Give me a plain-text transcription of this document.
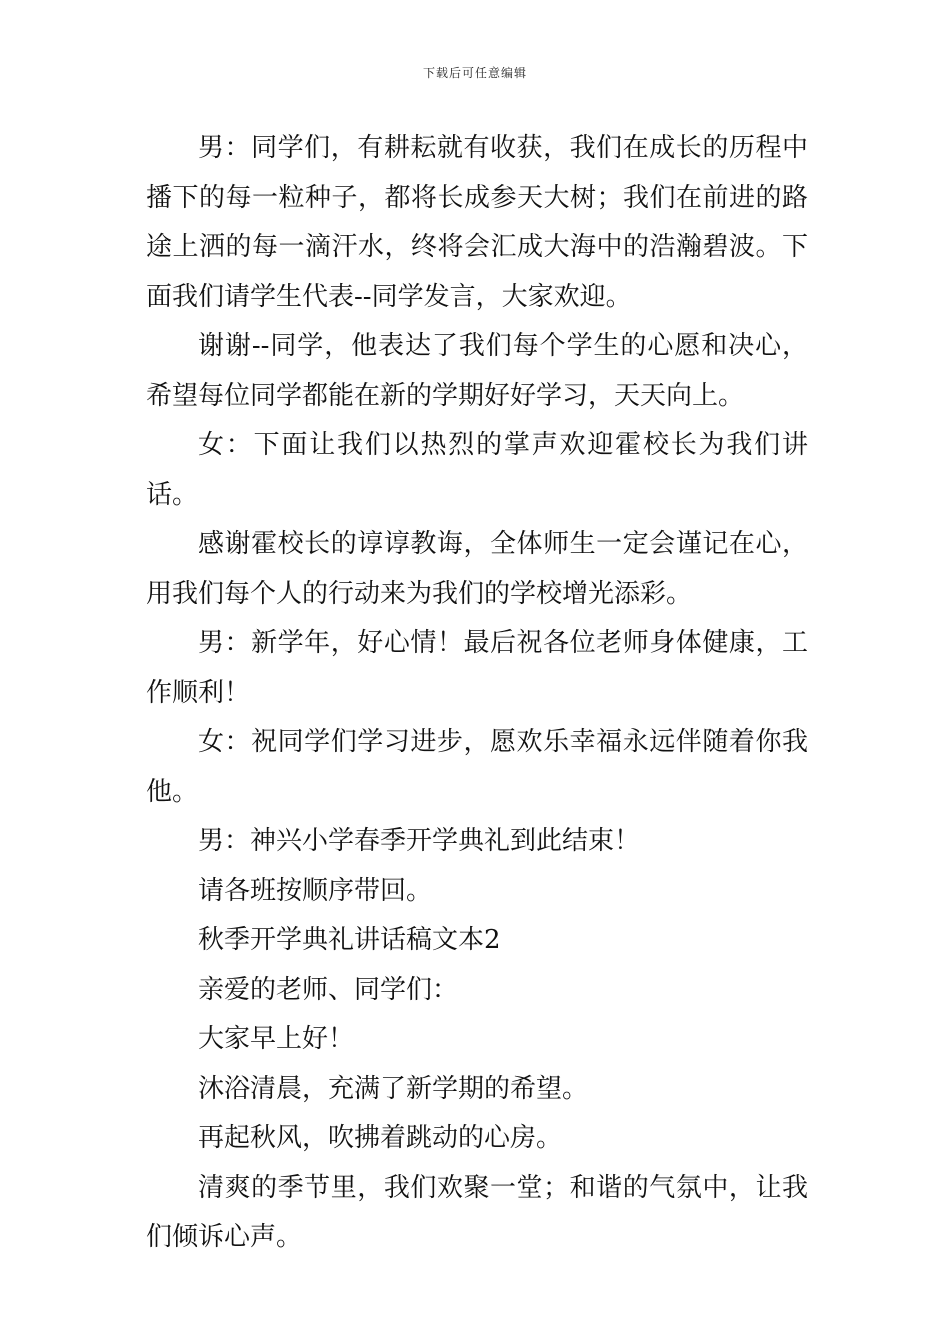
下载后可任意编辑

男：同学们，有耕耘就有收获，我们在成长的历程中播下的每一粒种子，都将长成参天大树；我们在前进的路途上洒的每一滴汗水，终将会汇成大海中的浩瀚碧波。下面我们请学生代表--同学发言，大家欢迎。

谢谢--同学，他表达了我们每个学生的心愿和决心，希望每位同学都能在新的学期好好学习，天天向上。

女：下面让我们以热烈的掌声欢迎霍校长为我们讲话。

感谢霍校长的谆谆教诲，全体师生一定会谨记在心，用我们每个人的行动来为我们的学校增光添彩。

男：新学年，好心情！最后祝各位老师身体健康，工作顺利！

女：祝同学们学习进步，愿欢乐幸福永远伴随着你我他。

男：神兴小学春季开学典礼到此结束！

请各班按顺序带回。

秋季开学典礼讲话稿文本2

亲爱的老师、同学们：

大家早上好！

沐浴清晨，充满了新学期的希望。

再起秋风，吹拂着跳动的心房。

清爽的季节里，我们欢聚一堂；和谐的气氛中，让我们倾诉心声。
